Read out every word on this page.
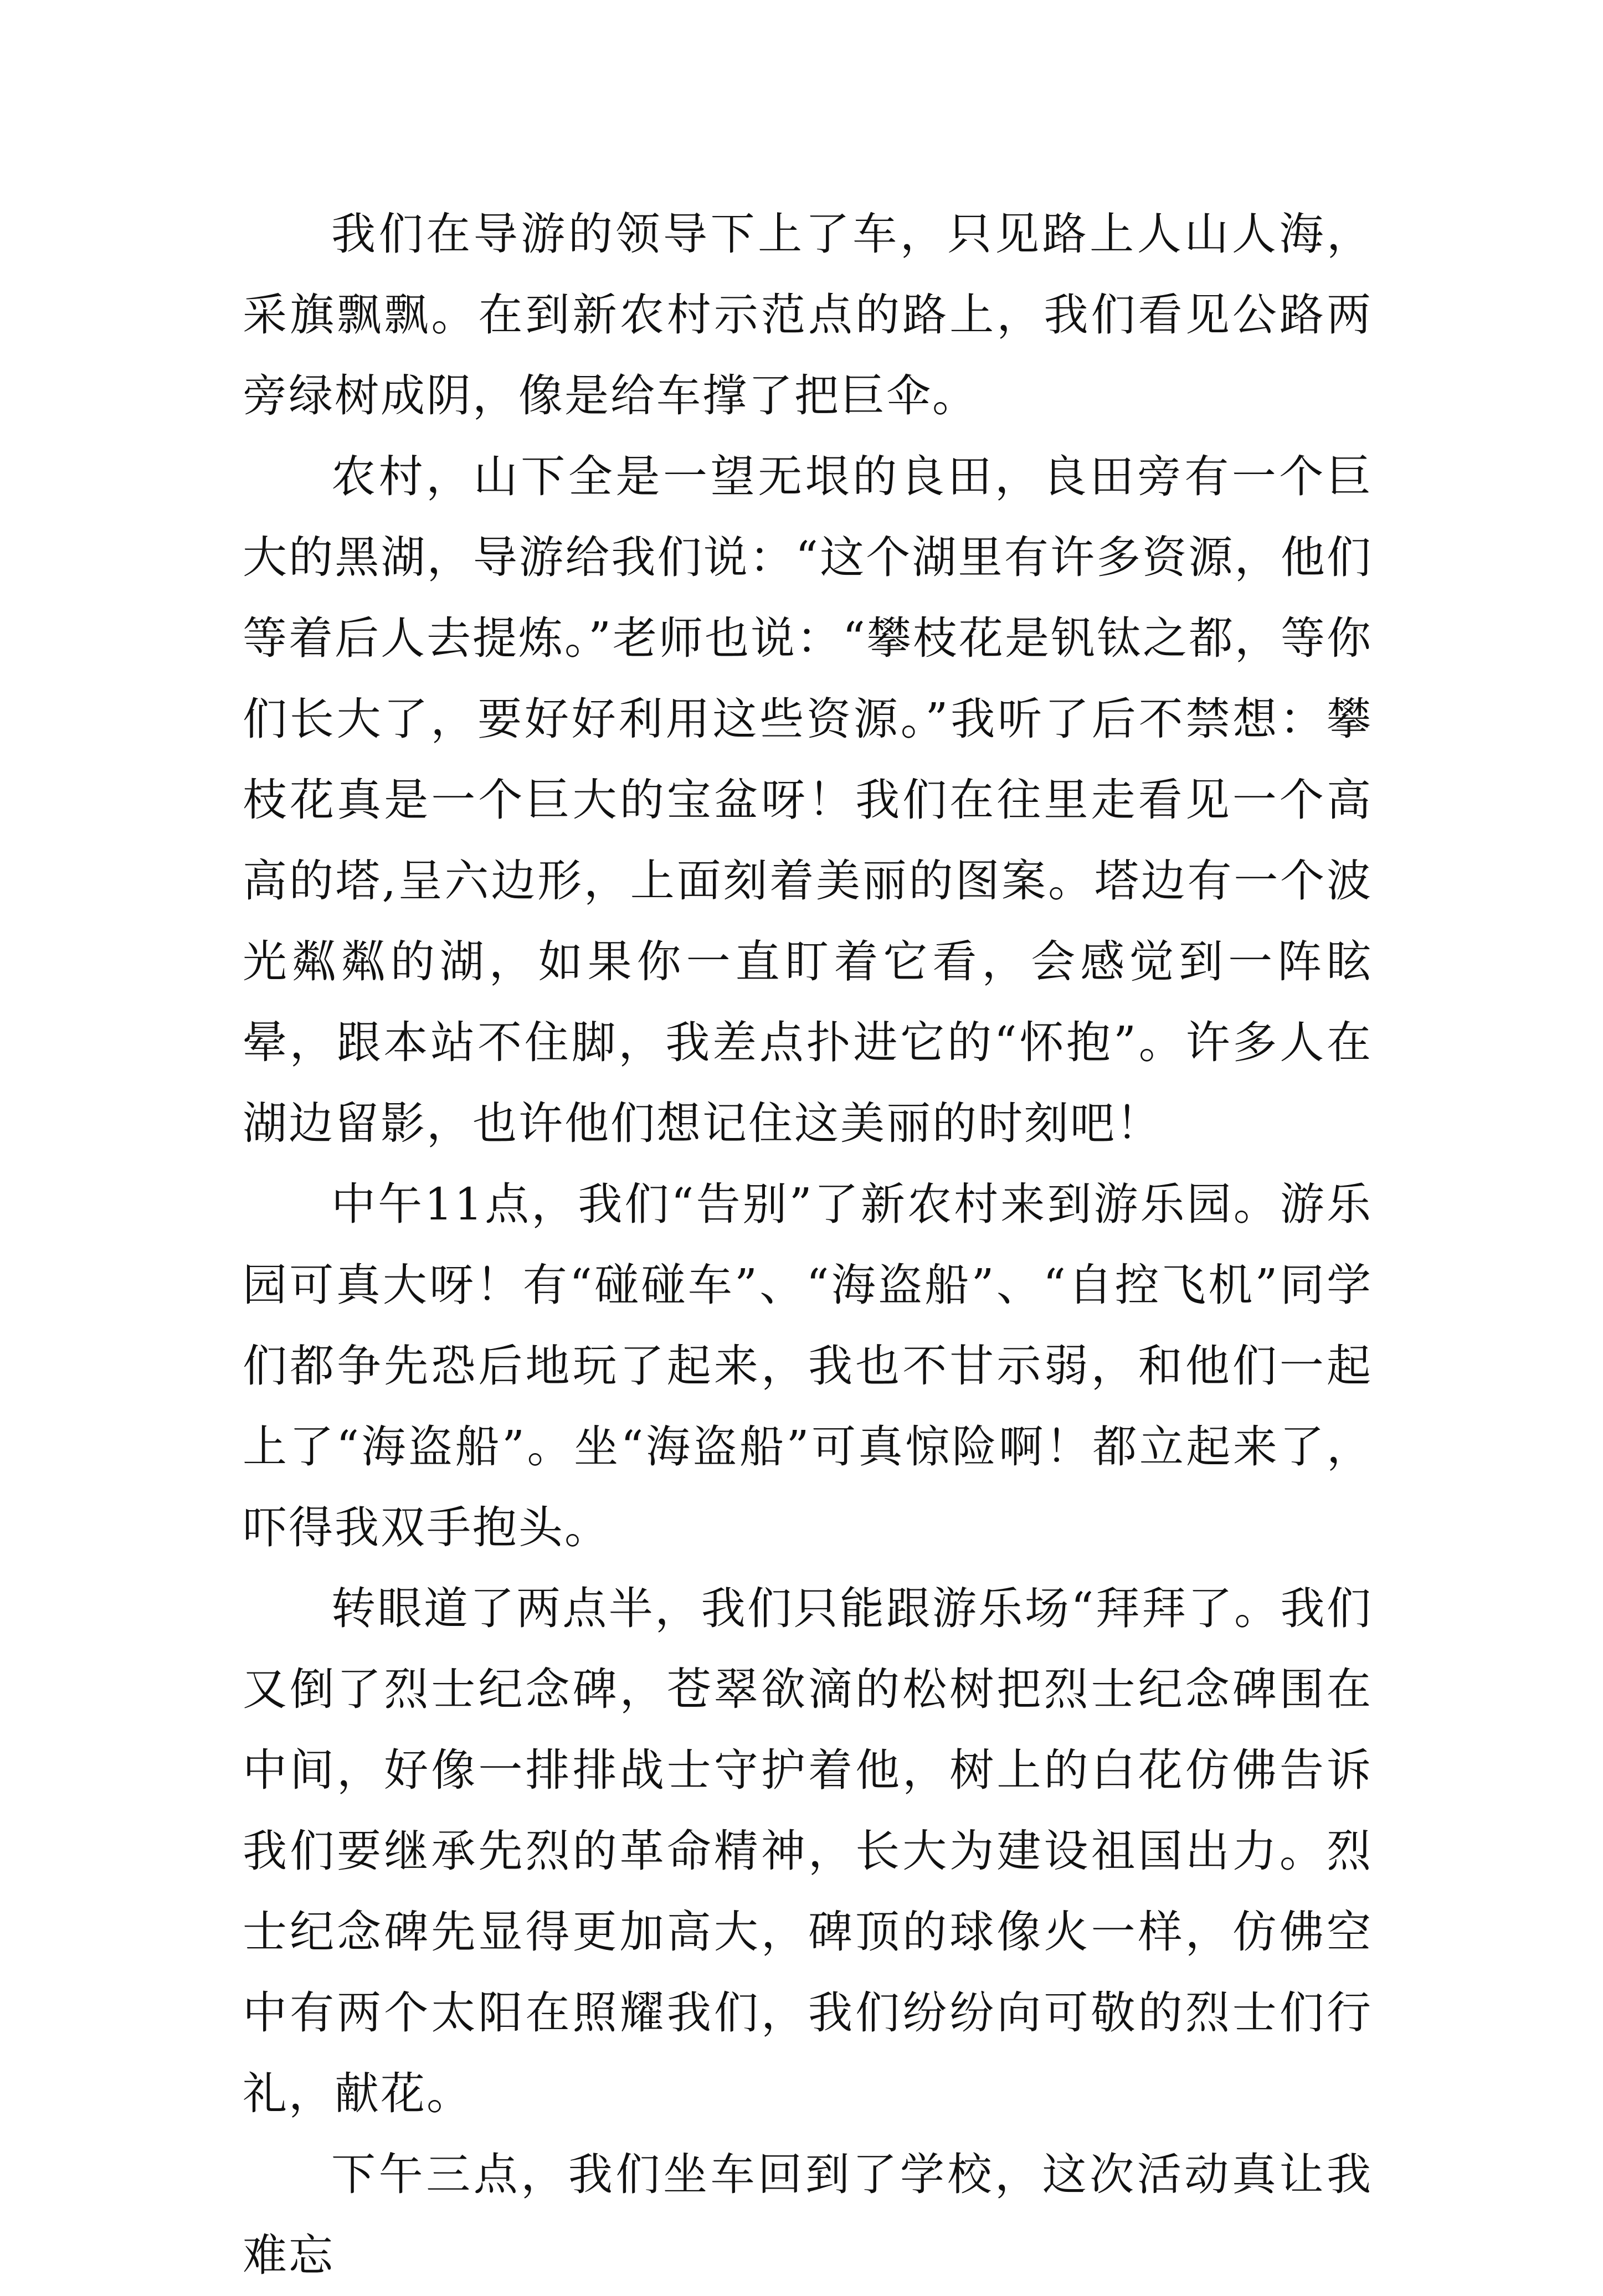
我们在导游的领导下上了车，只见路上人山人海，采旗飘飘。在到新农村示范点的路上，我们看见公路两旁绿树成阴，像是给车撑了把巨伞。

农村，山下全是一望无垠的良田，良田旁有一个巨大的黑湖，导游给我们说：“这个湖里有许多资源，他们等着后人去提炼。”老师也说：“攀枝花是钒钛之都，等你们长大了，要好好利用这些资源。”我听了后不禁想：攀枝花真是一个巨大的宝盆呀！我们在往里走看见一个高高的塔,呈六边形，上面刻着美丽的图案。塔边有一个波光粼粼的湖，如果你一直盯着它看，会感觉到一阵眩晕，跟本站不住脚，我差点扑进它的“怀抱”。许多人在湖边留影，也许他们想记住这美丽的时刻吧！

中午11点，我们“告别”了新农村来到游乐园。游乐园可真大呀！有“碰碰车”、“海盗船”、“自控飞机”同学们都争先恐后地玩了起来，我也不甘示弱，和他们一起上了“海盗船”。坐“海盗船”可真惊险啊！都立起来了，吓得我双手抱头。

转眼道了两点半，我们只能跟游乐场“拜拜了。我们又倒了烈士纪念碑，苍翠欲滴的松树把烈士纪念碑围在中间，好像一排排战士守护着他，树上的白花仿佛告诉我们要继承先烈的革命精神，长大为建设祖国出力。烈士纪念碑先显得更加高大，碑顶的球像火一样，仿佛空中有两个太阳在照耀我们，我们纷纷向可敬的烈士们行礼，献花。

下午三点，我们坐车回到了学校，这次活动真让我难忘
